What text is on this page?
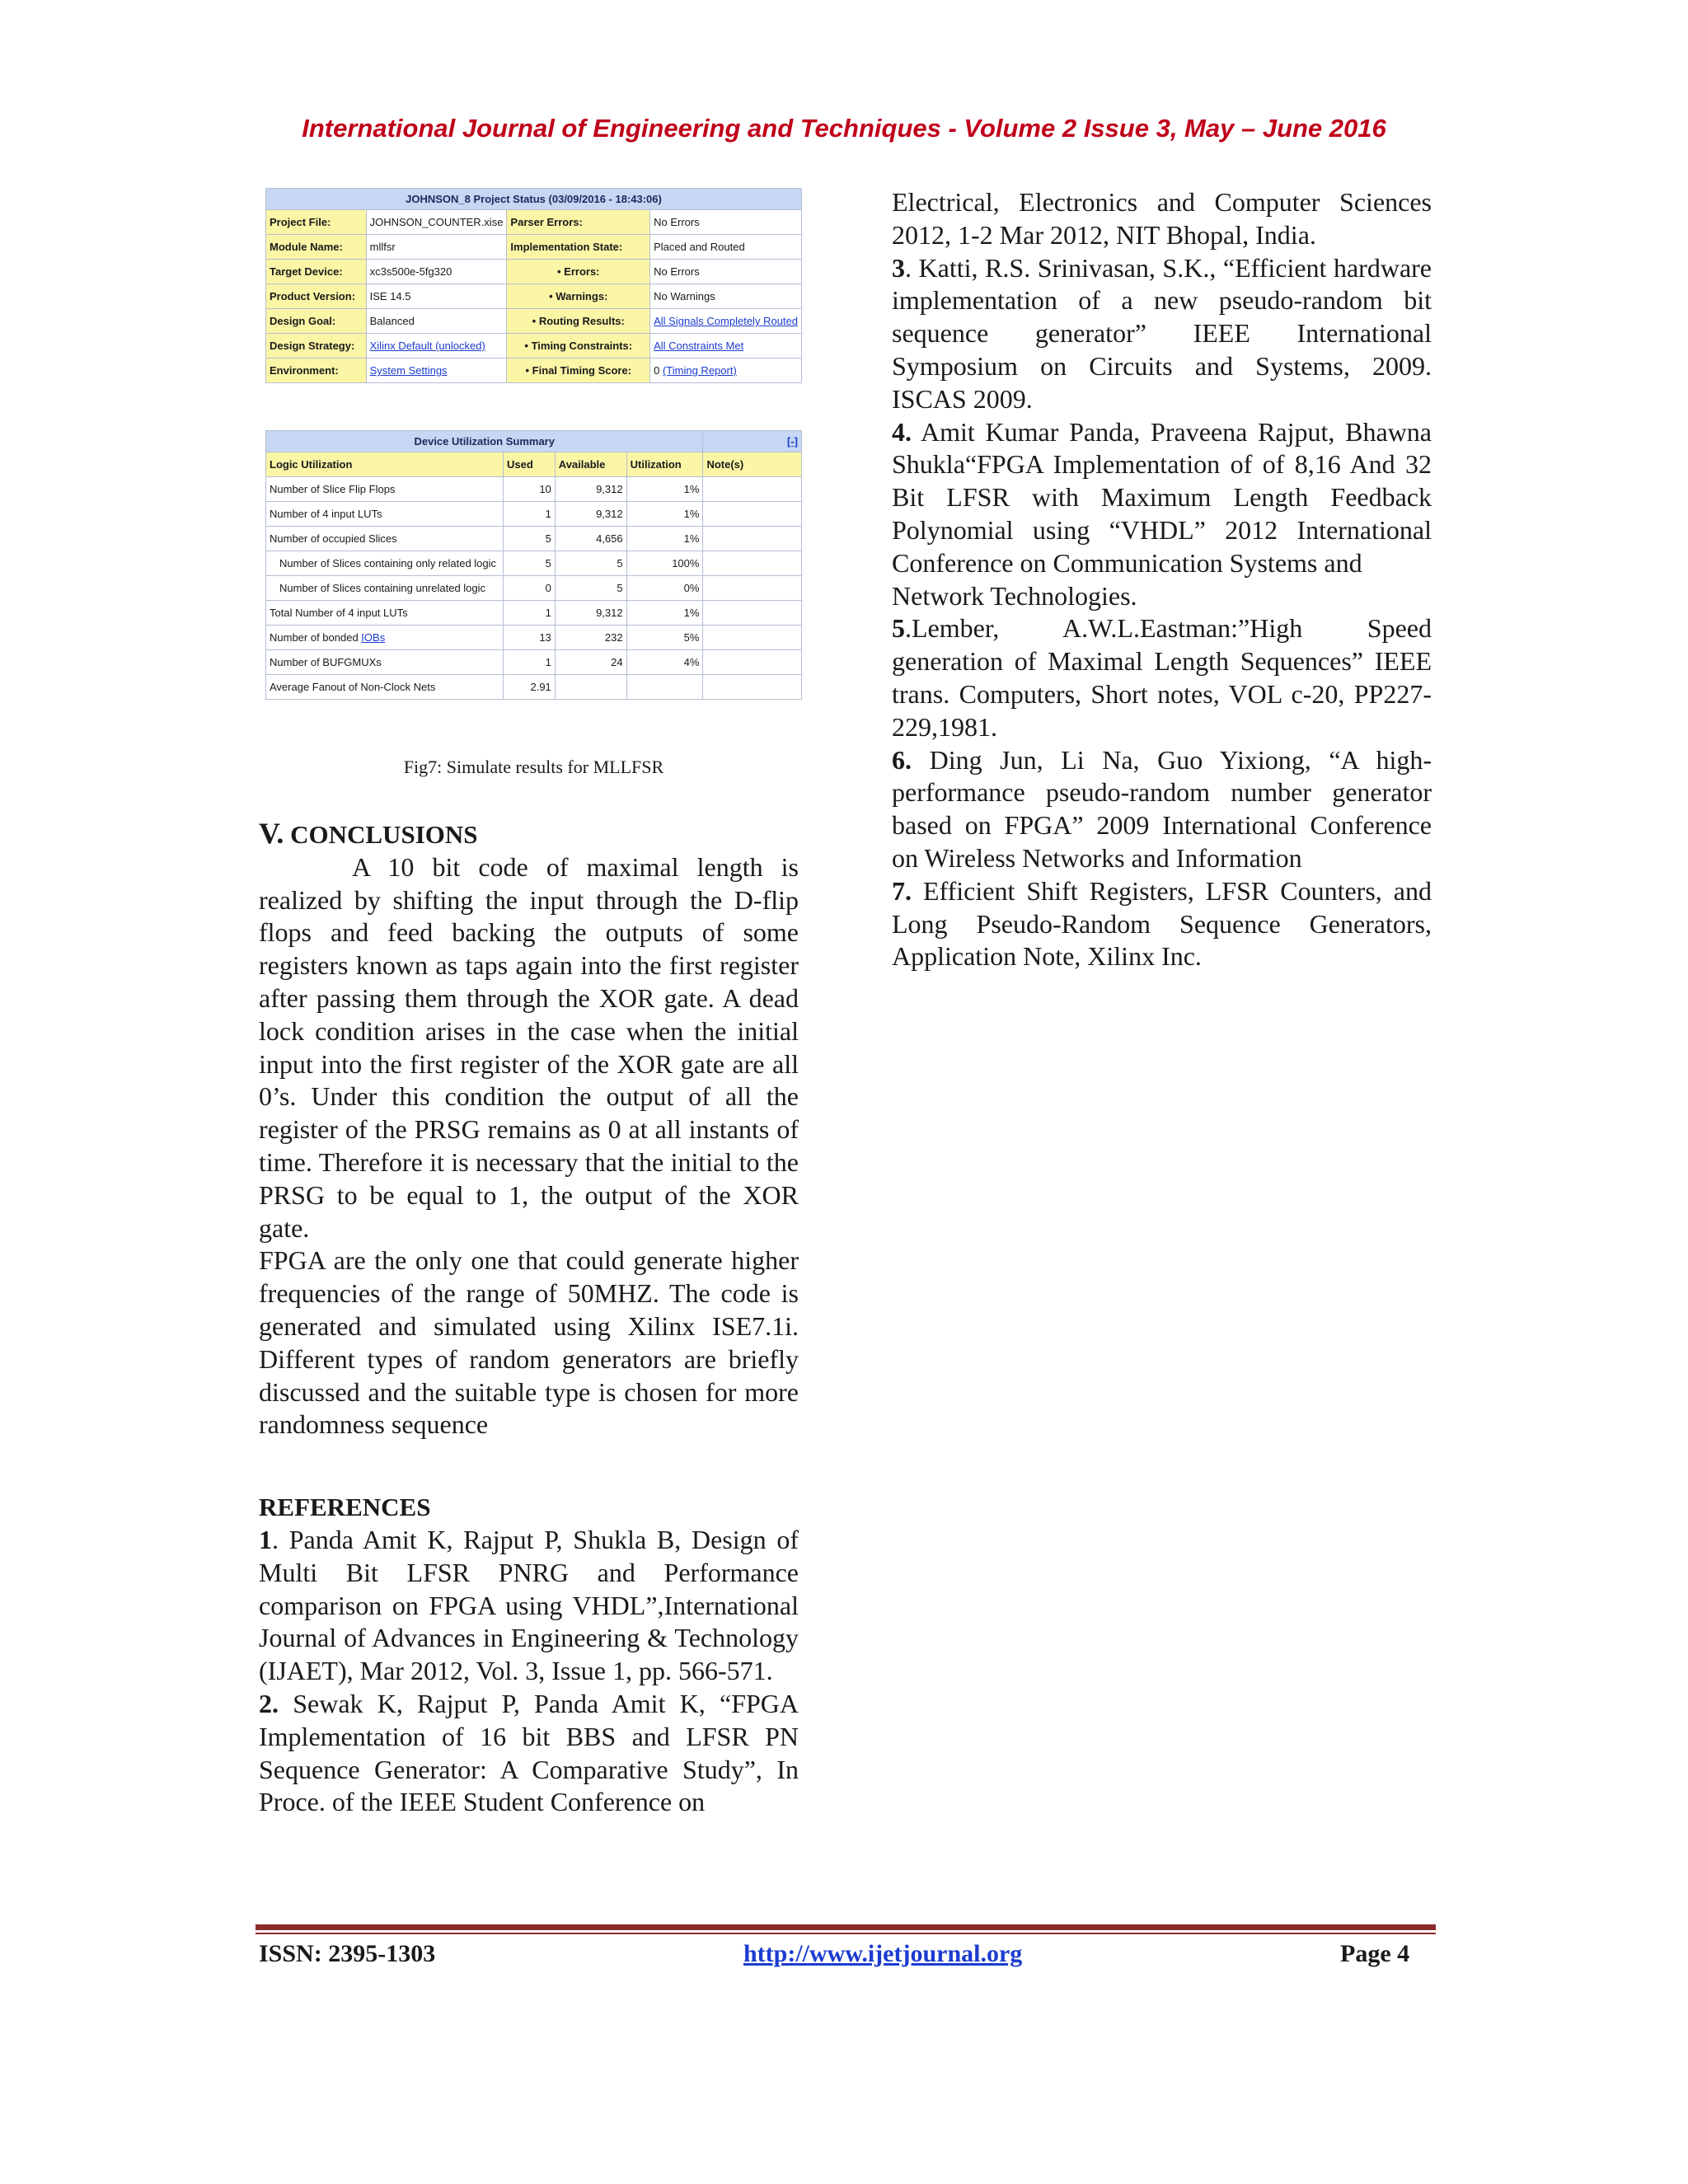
International Journal of Engineering and Techniques - Volume 2 Issue 3, May – June 2016
JOHNSON_8 Project Status (03/09/2016 - 18:43:06)			
Project File:	JOHNSON_COUNTER.xise	Parser Errors:	No Errors
Module Name:	mllfsr	Implementation State:	Placed and Routed
Target Device:	xc3s500e-5fg320	• Errors:	No Errors
Product Version:	ISE 14.5	• Warnings:	No Warnings
Design Goal:	Balanced	• Routing Results:	All Signals Completely Routed
Design Strategy:	Xilinx Default (unlocked)	• Timing Constraints:	All Constraints Met
Environment:	System Settings	• Final Timing Score:	0 (Timing Report)
Device Utilization Summary				[-]
Logic Utilization	Used	Available	Utilization	Note(s)
Number of Slice Flip Flops	10	9,312	1%	
Number of 4 input LUTs	1	9,312	1%	
Number of occupied Slices	5	4,656	1%	
Number of Slices containing only related logic	5	5	100%	
Number of Slices containing unrelated logic	0	5	0%	
Total Number of 4 input LUTs	1	9,312	1%	
Number of bonded IOBs	13	232	5%	
Number of BUFGMUXs	1	24	4%	
Average Fanout of Non-Clock Nets	2.91			
Fig7: Simulate results for MLLFSR

V. CONCLUSIONS

A 10 bit code of maximal length is realized by shifting the input through the D-flip flops and feed backing the outputs of some registers known as taps again into the first register after passing them through the XOR gate. A dead lock condition arises in the case when the initial input into the first register of the XOR gate are all 0’s. Under this condition the output of all the register of the PRSG remains as 0 at all instants of time. Therefore it is necessary that the initial to the PRSG to be equal to 1, the output of the XOR gate.

FPGA are the only one that could generate higher frequencies of the range of 50MHZ. The code is generated and simulated using Xilinx ISE7.1i. Different types of random generators are briefly discussed and the suitable type is chosen for more randomness sequence

REFERENCES

1. Panda Amit K, Rajput P, Shukla B, Design of Multi Bit LFSR PNRG and Performance comparison on FPGA using VHDL”,International Journal of Advances in Engineering & Technology (IJAET), Mar 2012, Vol. 3, Issue 1, pp. 566-571.

2. Sewak K, Rajput P, Panda Amit K, “FPGA Implementation of 16 bit BBS and LFSR PN Sequence Generator: A Comparative Study”, In Proce. of the IEEE Student Conference on

Electrical, Electronics and Computer Sciences 2012, 1-2 Mar 2012, NIT Bhopal, India.

3. Katti, R.S. Srinivasan, S.K., “Efficient hardware implementation of a new pseudo-random bit sequence generator” IEEE International Symposium on Circuits and Systems, 2009. ISCAS 2009.

4. Amit Kumar Panda, Praveena Rajput, Bhawna Shukla“FPGA Implementation of of 8,16 And 32 Bit LFSR with Maximum Length Feedback Polynomial using “VHDL” 2012 International Conference on Communication Systems and

Network Technologies.

5.Lember, A.W.L.Eastman:”High Speed generation of Maximal Length Sequences” IEEE trans. Computers, Short notes, VOL c-20, PP227-229,1981.

6. Ding Jun, Li Na, Guo Yixiong, “A high-performance pseudo-random number generator based on FPGA” 2009 International Conference on Wireless Networks and Information

7. Efficient Shift Registers, LFSR Counters, and Long Pseudo-Random Sequence Generators, Application Note, Xilinx Inc.

ISSN: 2395-1303	http://www.ijetjournal.org	Page 4
